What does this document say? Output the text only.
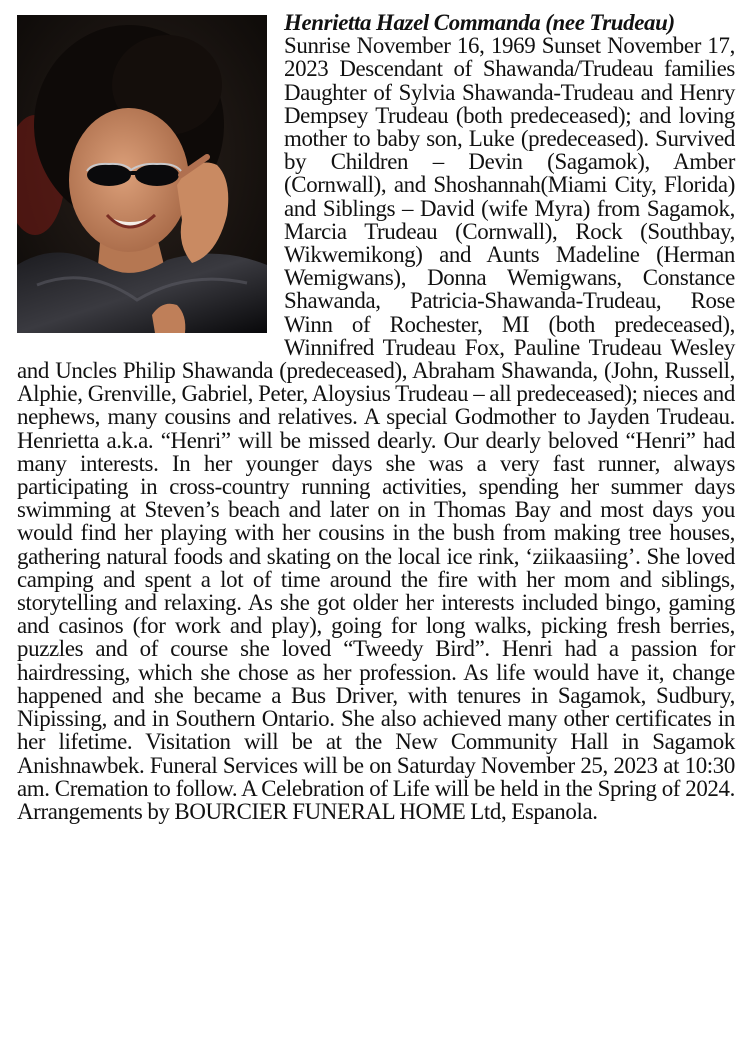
Henrietta Hazel Commanda (nee Trudeau)
Sunrise November 16, 1969 Sunset November 17, 2023 Descendant of Shawanda/Trudeau families Daughter of Sylvia Shawanda-Trudeau and Henry Dempsey Trudeau (both predeceased); and loving mother to baby son, Luke (predeceased). Survived by Children – Devin (Sagamok), Amber (Cornwall), and Shoshannah(Miami City, Florida) and Siblings – David (wife Myra) from Sagamok, Marcia Trudeau (Cornwall), Rock (Southbay, Wikwemikong) and Aunts Madeline (Herman Wemigwans), Donna Wemigwans, Constance Shawanda, Patricia-Shawanda-Trudeau, Rose Winn of Rochester, MI (both predeceased), Winnifred Trudeau Fox, Pauline Trudeau Wesley and Uncles Philip Shawanda (predeceased), Abraham Shawanda, (John, Russell, Alphie, Grenville, Gabriel, Peter, Aloysius Trudeau – all predeceased); nieces and nephews, many cousins and relatives. A special Godmother to Jayden Trudeau. Henrietta a.k.a. “Henri” will be missed dearly. Our dearly beloved “Henri” had many interests. In her younger days she was a very fast runner, always participating in cross-country running activities, spending her summer days swimming at Steven’s beach and later on in Thomas Bay and most days you would find her playing with her cousins in the bush from making tree houses, gathering natural foods and skating on the local ice rink, ‘ziikaasiing’. She loved camping and spent a lot of time around the fire with her mom and siblings, storytelling and relaxing. As she got older her interests included bingo, gaming and casinos (for work and play), going for long walks, picking fresh berries, puzzles and of course she loved “Tweedy Bird”. Henri had a passion for hairdressing, which she chose as her profession. As life would have it, change happened and she became a Bus Driver, with tenures in Sagamok, Sudbury, Nipissing, and in Southern Ontario. She also achieved many other certificates in her lifetime. Visitation will be at the New Community Hall in Sagamok Anishnawbek. Funeral Services will be on Saturday November 25, 2023 at 10:30 am. Cremation to follow. A Celebration of Life will be held in the Spring of 2024. Arrangements by BOURCIER FUNERAL HOME Ltd, Espanola.
